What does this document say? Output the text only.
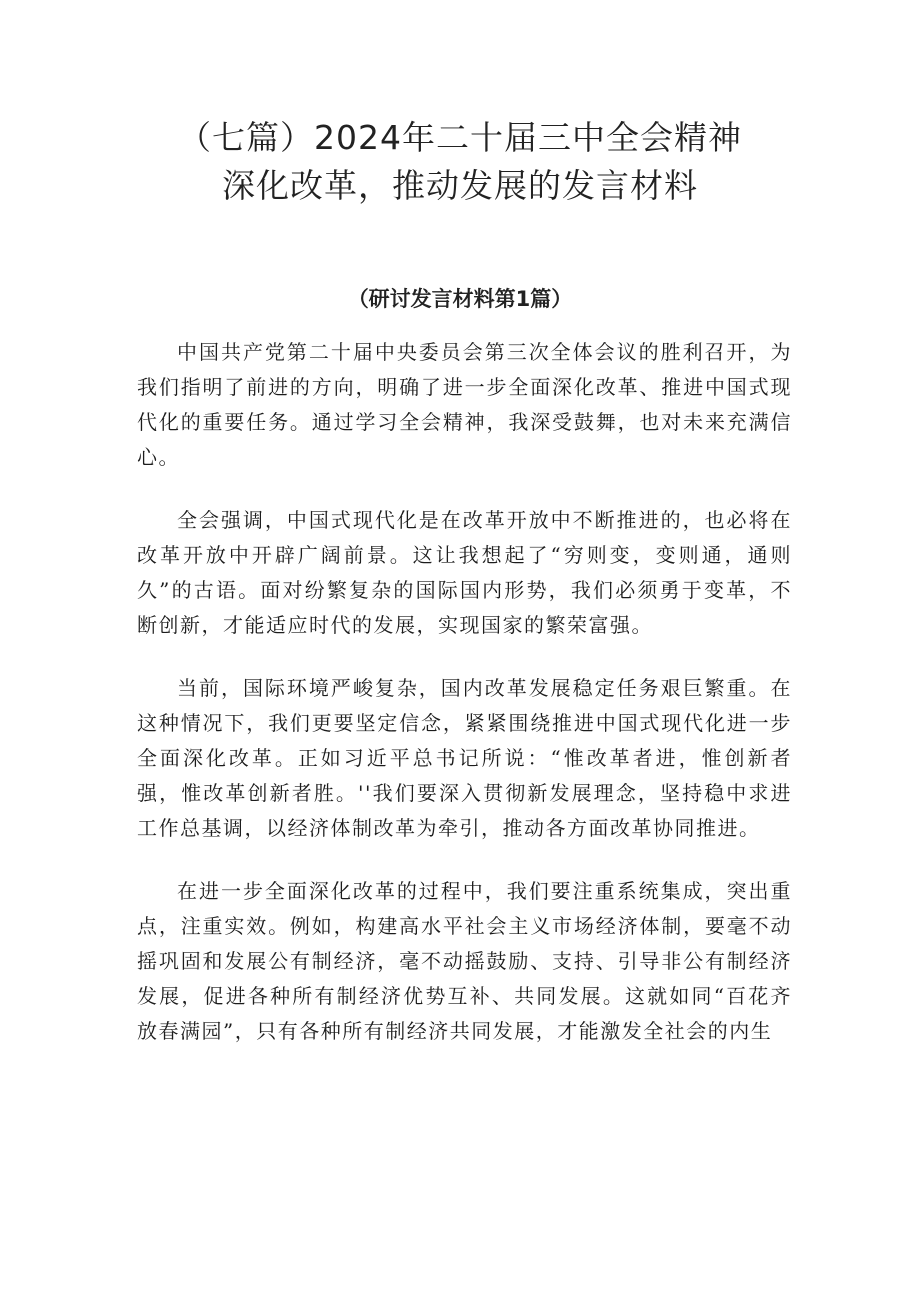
（七篇）2024年二十届三中全会精神
深化改革，推动发展的发言材料
（研讨发言材料第1篇）

中国共产党第二十届中央委员会第三次全体会议的胜利召开，为我们指明了前进的方向，明确了进一步全面深化改革、推进中国式现代化的重要任务。通过学习全会精神，我深受鼓舞，也对未来充满信心。

全会强调，中国式现代化是在改革开放中不断推进的，也必将在改革开放中开辟广阔前景。这让我想起了“穷则变，变则通，通则久”的古语。面对纷繁复杂的国际国内形势，我们必须勇于变革，不断创新，才能适应时代的发展，实现国家的繁荣富强。

当前，国际环境严峻复杂，国内改革发展稳定任务艰巨繁重。在这种情况下，我们更要坚定信念，紧紧围绕推进中国式现代化进一步全面深化改革。正如习近平总书记所说：“惟改革者进，惟创新者强，惟改革创新者胜。''我们要深入贯彻新发展理念，坚持稳中求进工作总基调，以经济体制改革为牵引，推动各方面改革协同推进。

在进一步全面深化改革的过程中，我们要注重系统集成，突出重点，注重实效。例如，构建高水平社会主义市场经济体制，要毫不动摇巩固和发展公有制经济，毫不动摇鼓励、支持、引导非公有制经济发展，促进各种所有制经济优势互补、共同发展。这就如同“百花齐放春满园”，只有各种所有制经济共同发展，才能激发全社会的内生
